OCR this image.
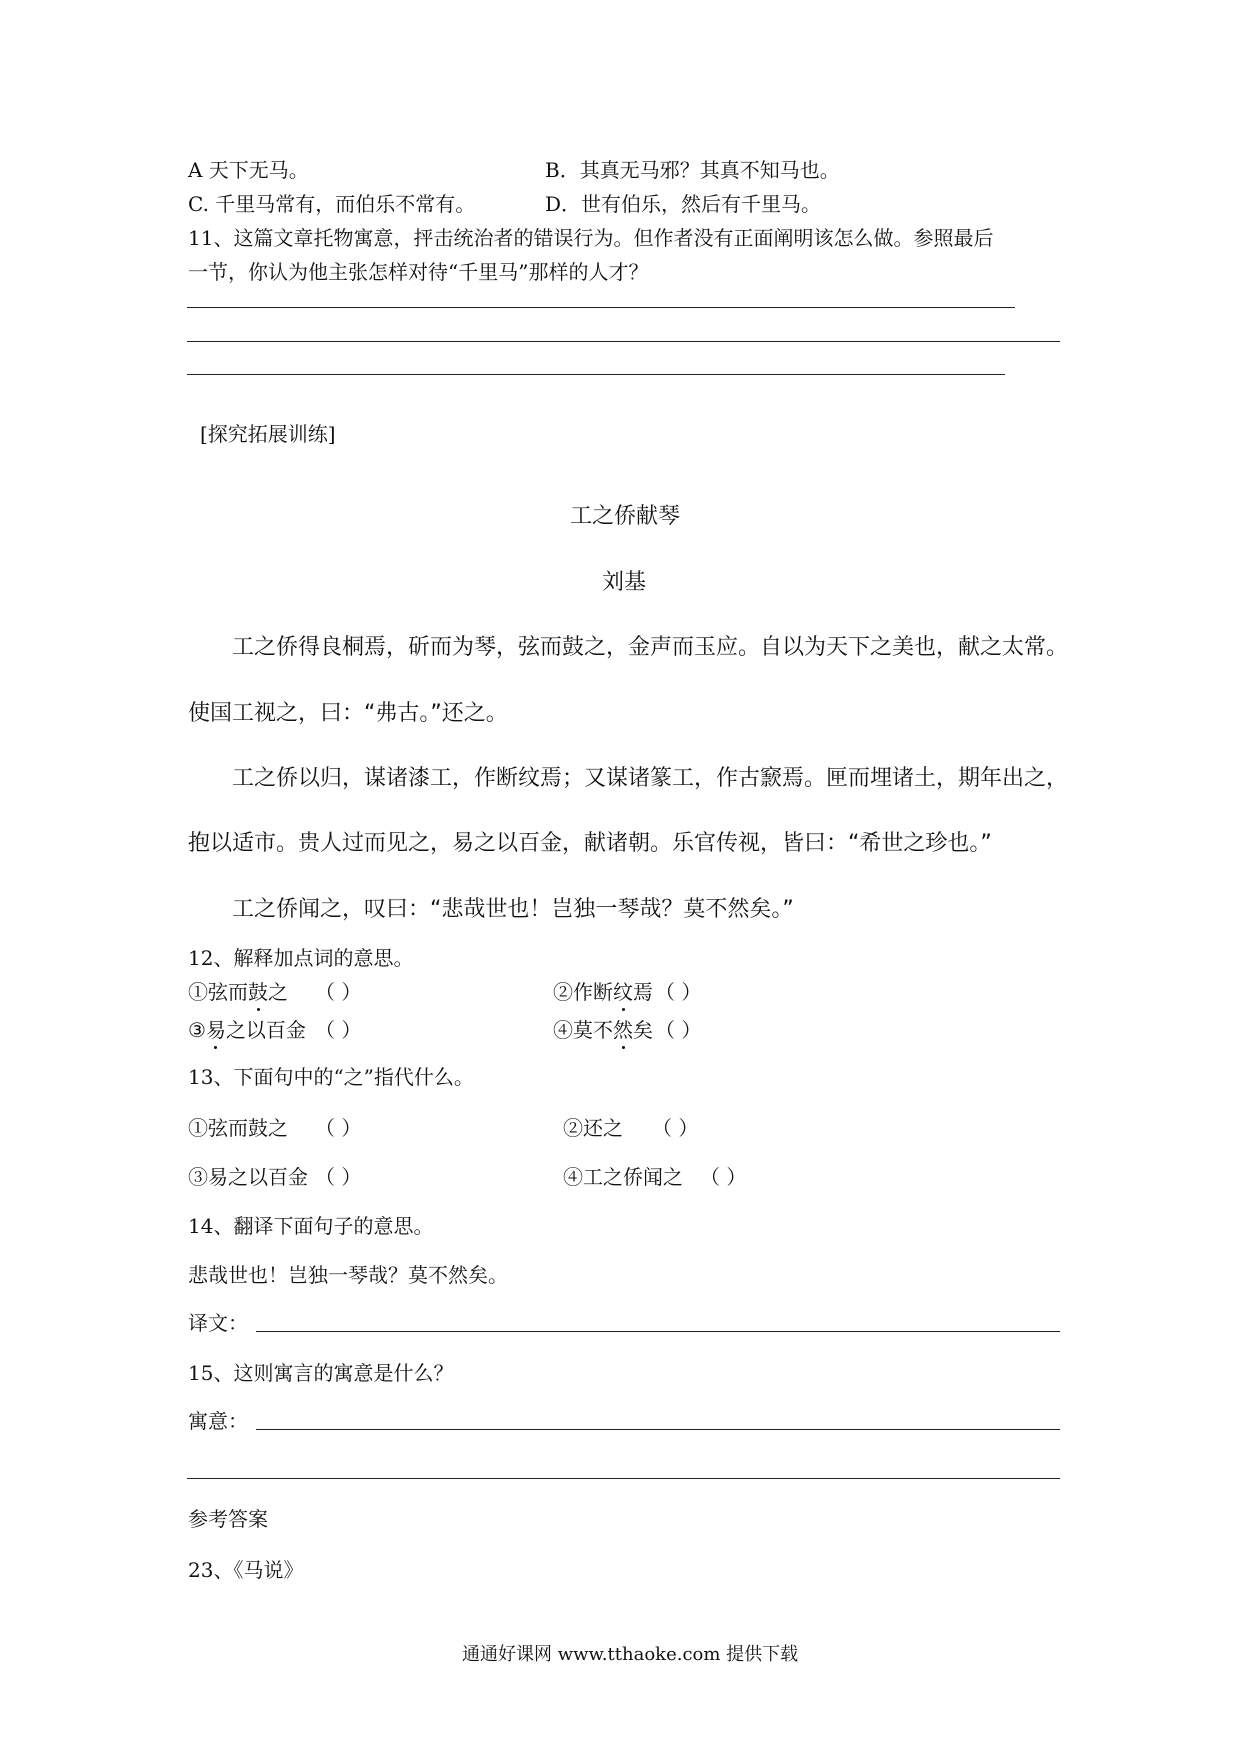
A 天下无马。	B．其真无马邪？其真不知马也。
C. 千里马常有，而伯乐不常有。	D．世有伯乐，然后有千里马。
11、这篇文章托物寓意，抨击统治者的错误行为。但作者没有正面阐明该怎么做。参照最后
一节，你认为他主张怎样对待“千里马”那样的人才？
[探究拓展训练]
工之侨献琴
刘基
工之侨得良桐焉，斫而为琴，弦而鼓之，金声而玉应。自以为天下之美也，献之太常。
使国工视之，曰：“弗古。”还之。
工之侨以归，谋诸漆工，作断纹焉；又谋诸篆工，作古窾焉。匣而埋诸土，期年出之，
抱以适市。贵人过而见之，易之以百金，献诸朝。乐官传视，皆曰：“希世之珍也。”
工之侨闻之，叹曰：“悲哉世也！岂独一琴哉？莫不然矣。”
12、解释加点词的意思。
①弦而鼓之 （ ）	②作断纹焉 （ ）
③易之以百金 （ ）	④莫不然矣 （ ）
13、下面句中的“之”指代什么。
①弦而鼓之 （ ）	②还之 （ ）
③易之以百金 （ ）	④工之侨闻之 （ ）
14、翻译下面句子的意思。
悲哉世也！岂独一琴哉？莫不然矣。
译文：
15、这则寓言的寓意是什么？
寓意：
参考答案
23、《马说》
通通好课网 www.tthaoke.com 提供下载
